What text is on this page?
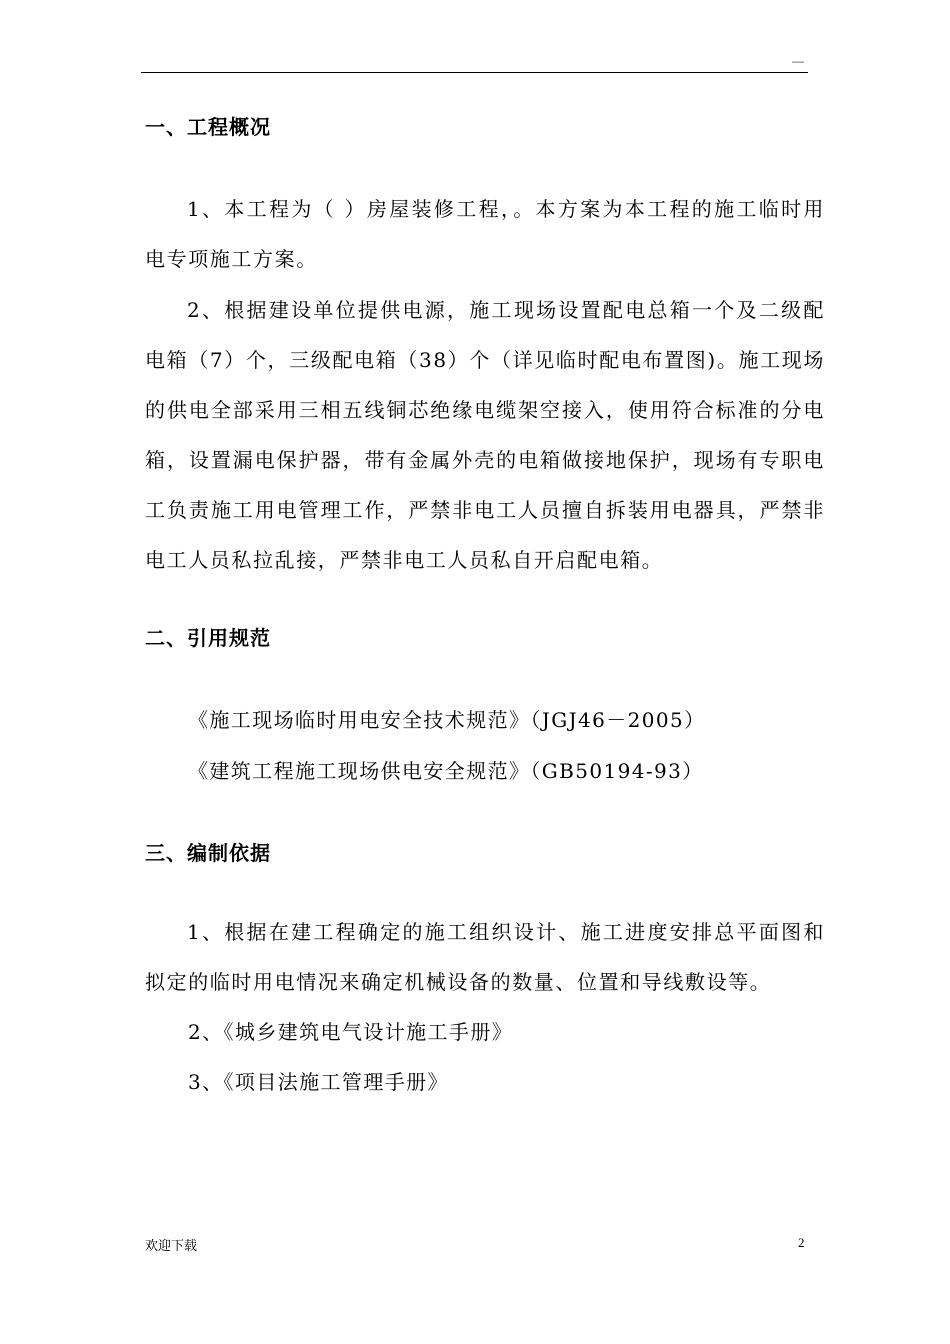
—
一、工程概况
1、本工程为（ ）房屋装修工程，。本方案为本工程的施工临时用电专项施工方案。
2、根据建设单位提供电源，施工现场设置配电总箱一个及二级配电箱（7）个，三级配电箱（38）个（详见临时配电布置图)。施工现场的供电全部采用三相五线铜芯绝缘电缆架空接入，使用符合标准的分电箱，设置漏电保护器，带有金属外壳的电箱做接地保护，现场有专职电工负责施工用电管理工作，严禁非电工人员擅自拆装用电器具，严禁非电工人员私拉乱接，严禁非电工人员私自开启配电箱。
二、引用规范
《施工现场临时用电安全技术规范》（JGJ46－2005）
《建筑工程施工现场供电安全规范》（GB50194-93）
三、编制依据
1、根据在建工程确定的施工组织设计、施工进度安排总平面图和拟定的临时用电情况来确定机械设备的数量、位置和导线敷设等。
2、《城乡建筑电气设计施工手册》
3、《项目法施工管理手册》
欢迎下载	2
